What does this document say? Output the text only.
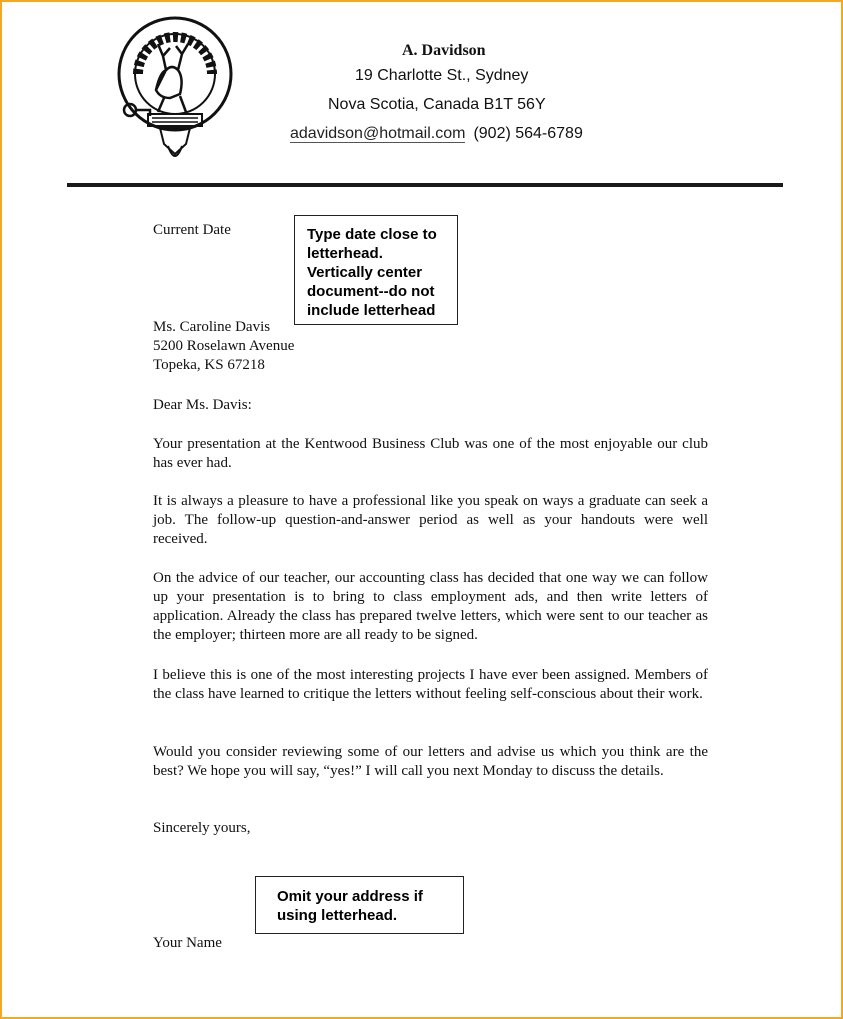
A. Davidson

19 Charlotte St., Sydney

Nova Scotia, Canada B1T 56Y

adavidson@hotmail.com (902) 564-6789

Current Date	Type date close to letterhead. Vertically center document--do not include letterhead

Ms. Caroline Davis
5200 Roselawn Avenue
Topeka, KS 67218

Dear Ms. Davis:

Your presentation at the Kentwood Business Club was one of the most enjoyable our club has ever had.

It is always a pleasure to have a professional like you speak on ways a graduate can seek a job. The follow-up question-and-answer period as well as your handouts were well received.

On the advice of our teacher, our accounting class has decided that one way we can follow up your presentation is to bring to class employment ads, and then write letters of application. Already the class has prepared twelve letters, which were sent to our teacher as the employer; thirteen more are all ready to be signed.

I believe this is one of the most interesting projects I have ever been assigned. Members of the class have learned to critique the letters without feeling self-conscious about their work.

Would you consider reviewing some of our letters and advise us which you think are the best? We hope you will say, “yes!” I will call you next Monday to discuss the details.

Sincerely yours,

Omit your address if using letterhead.

Your Name
